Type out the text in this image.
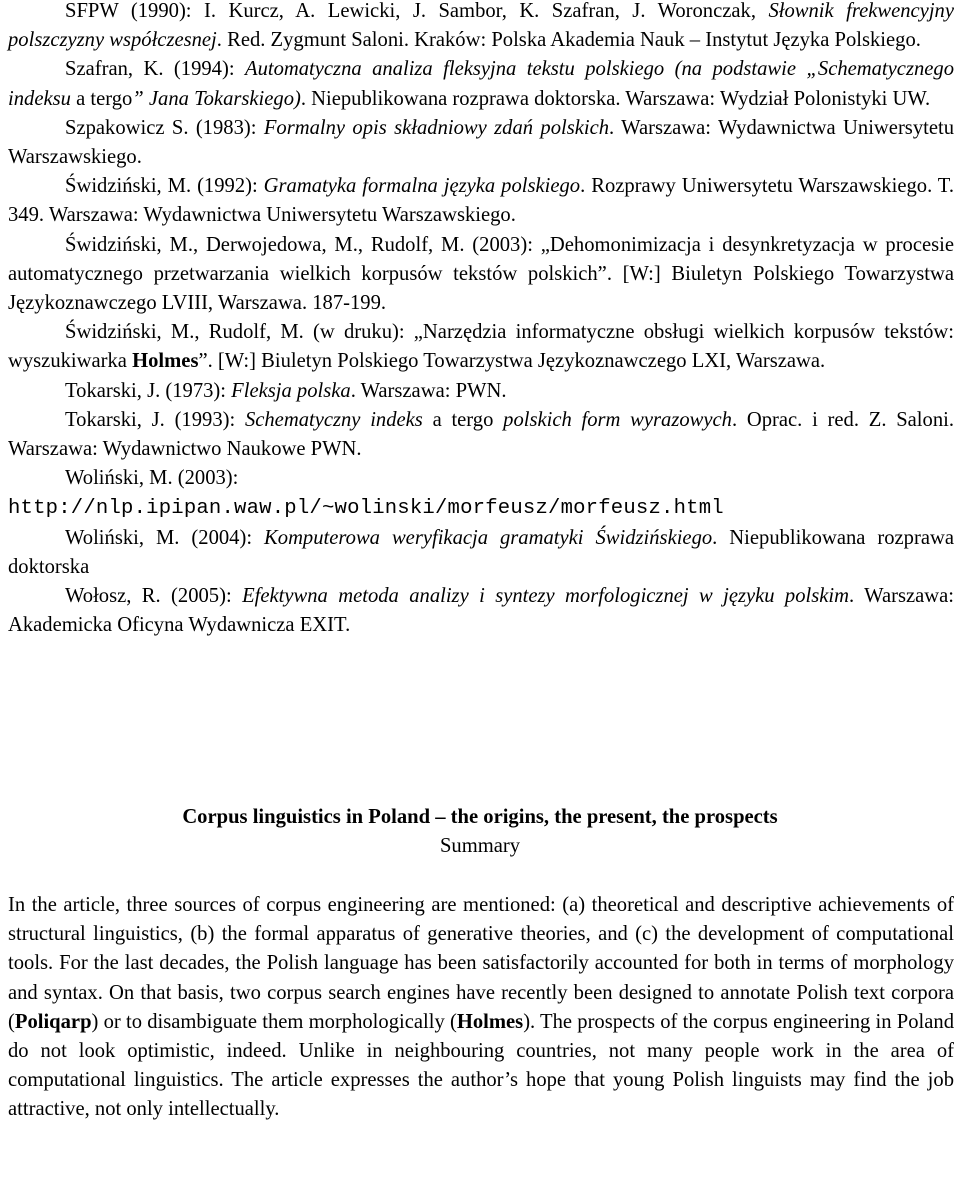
SFPW (1990): I. Kurcz, A. Lewicki, J. Sambor, K. Szafran, J. Woronczak, Słownik frekwencyjny polszczyzny współczesnej. Red. Zygmunt Saloni. Kraków: Polska Akademia Nauk – Instytut Języka Polskiego.

Szafran, K. (1994): Automatyczna analiza fleksyjna tekstu polskiego (na podstawie „Schematycznego indeksu a tergo” Jana Tokarskiego). Niepublikowana rozprawa doktorska. Warszawa: Wydział Polonistyki UW.

Szpakowicz S. (1983): Formalny opis składniowy zdań polskich. Warszawa: Wydawnictwa Uniwersytetu Warszawskiego.

Świdziński, M. (1992): Gramatyka formalna języka polskiego. Rozprawy Uniwersytetu Warszawskiego. T. 349. Warszawa: Wydawnictwa Uniwersytetu Warszawskiego.

Świdziński, M., Derwojedowa, M., Rudolf, M. (2003): „Dehomonimizacja i desynkretyzacja w procesie automatycznego przetwarzania wielkich korpusów tekstów polskich”. [W:] Biuletyn Polskiego Towarzystwa Językoznawczego LVIII, Warszawa. 187-199.

Świdziński, M., Rudolf, M. (w druku): „Narzędzia informatyczne obsługi wielkich korpusów tekstów: wyszukiwarka Holmes”. [W:] Biuletyn Polskiego Towarzystwa Językoznawczego LXI, Warszawa.

Tokarski, J. (1973): Fleksja polska. Warszawa: PWN.

Tokarski, J. (1993): Schematyczny indeks a tergo polskich form wyrazowych. Oprac. i red. Z. Saloni. Warszawa: Wydawnictwo Naukowe PWN.

Woliński, M. (2003):

http://nlp.ipipan.waw.pl/~wolinski/morfeusz/morfeusz.html

Woliński, M. (2004): Komputerowa weryfikacja gramatyki Świdzińskiego. Niepublikowana rozprawa doktorska

Wołosz, R. (2005): Efektywna metoda analizy i syntezy morfologicznej w języku polskim. Warszawa: Akademicka Oficyna Wydawnicza EXIT.

Corpus linguistics in Poland – the origins, the present, the prospects

Summary

In the article, three sources of corpus engineering are mentioned: (a) theoretical and descriptive achievements of structural linguistics, (b) the formal apparatus of generative theories, and (c) the development of computational tools. For the last decades, the Polish language has been satisfactorily accounted for both in terms of morphology and syntax. On that basis, two corpus search engines have recently been designed to annotate Polish text corpora (Poliqarp) or to disambiguate them morphologically (Holmes). The prospects of the corpus engineering in Poland do not look optimistic, indeed. Unlike in neighbouring countries, not many people work in the area of computational linguistics. The article expresses the author’s hope that young Polish linguists may find the job attractive, not only intellectually.
